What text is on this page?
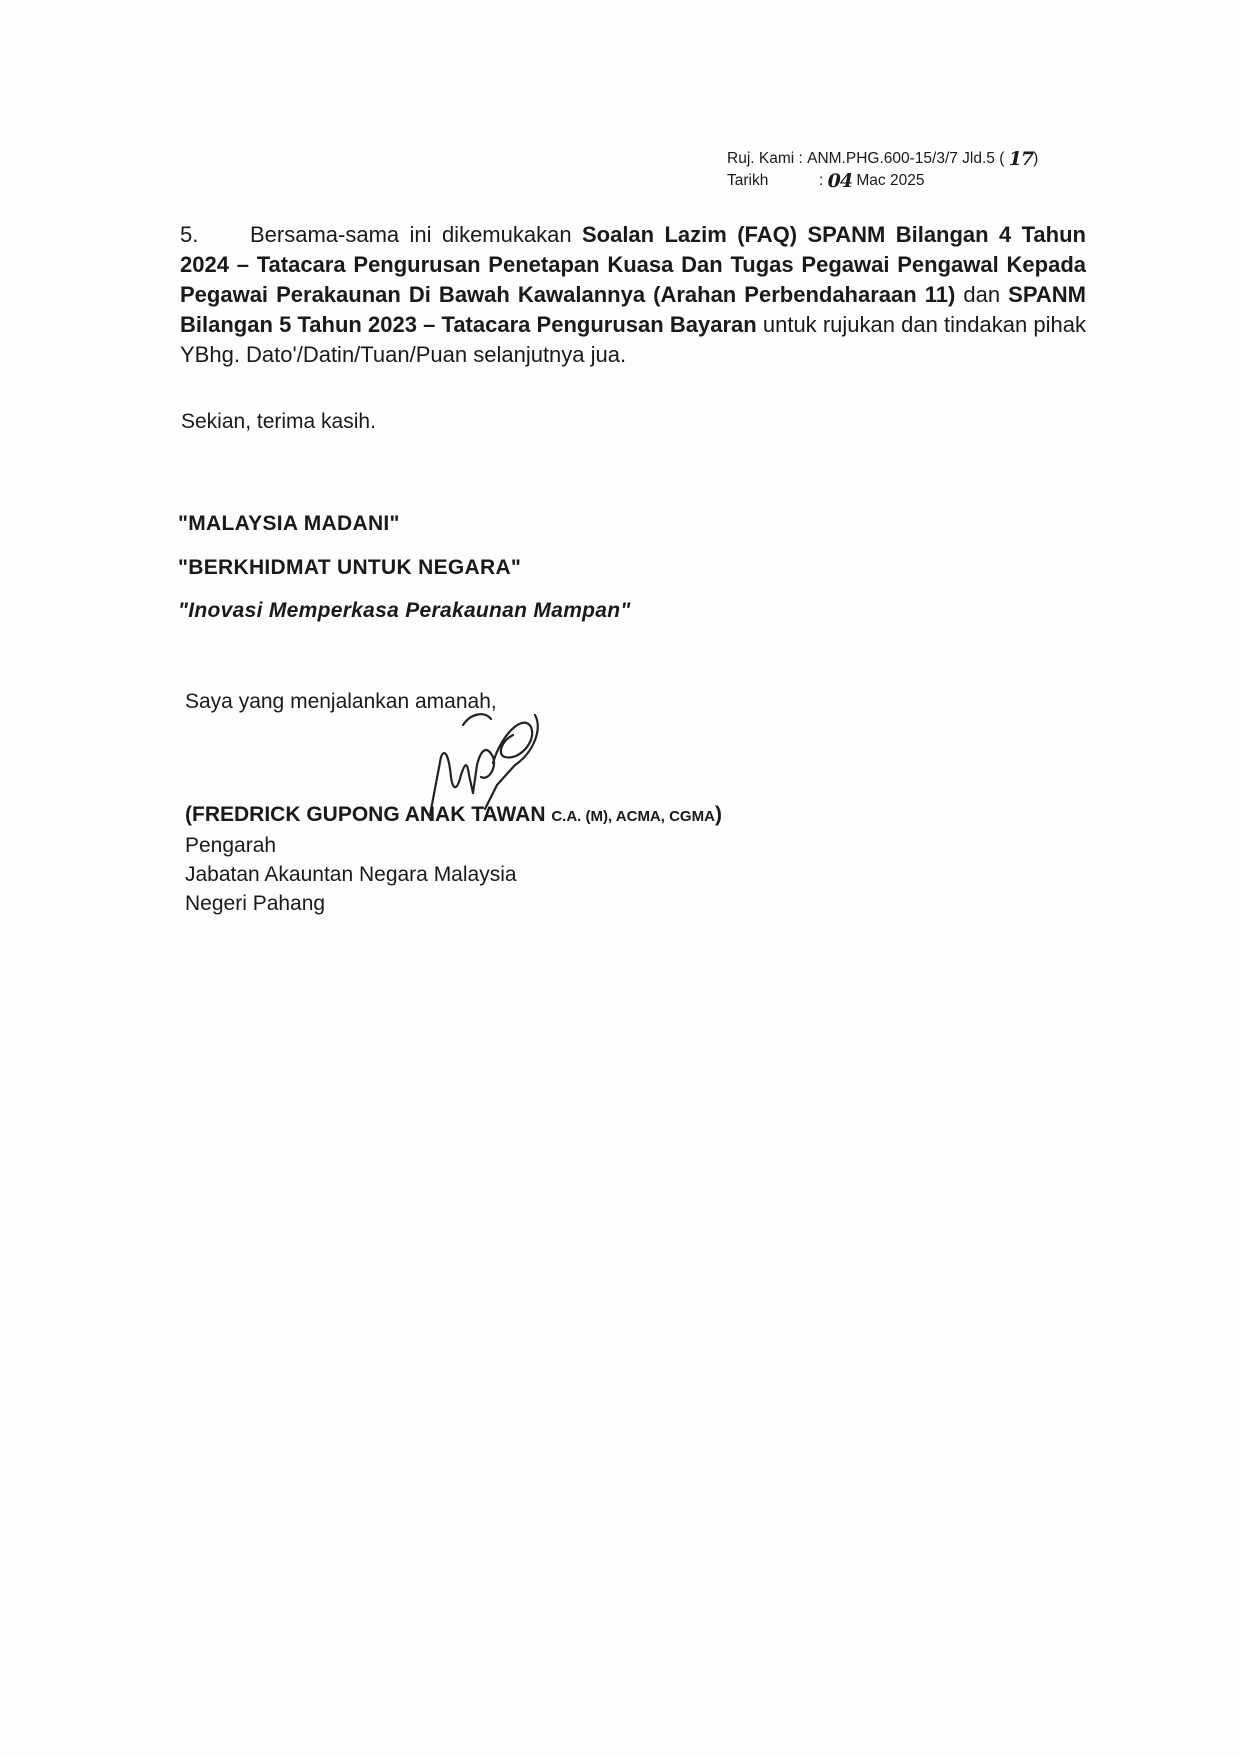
Ruj. Kami : ANM.PHG.600-15/3/7 Jld.5 (
17 )
Tarikh	: 04
Mac 2025
5. Bersama-sama ini dikemukakan Soalan Lazim (FAQ) SPANM Bilangan 4 Tahun 2024 – Tatacara Pengurusan Penetapan Kuasa Dan Tugas Pegawai Pengawal Kepada Pegawai Perakaunan Di Bawah Kawalannya (Arahan Perbendaharaan 11) dan SPANM Bilangan 5 Tahun 2023 – Tatacara Pengurusan Bayaran untuk rujukan dan tindakan pihak YBhg. Dato'/Datin/Tuan/Puan selanjutnya jua.
Sekian, terima kasih.
"MALAYSIA MADANI"
"BERKHIDMAT UNTUK NEGARA"
"Inovasi Memperkasa Perakaunan Mampan"
Saya yang menjalankan amanah,
(FREDRICK GUPONG ANAK TAWAN C.A. (M), ACMA, CGMA)
Pengarah
Jabatan Akauntan Negara Malaysia
Negeri Pahang
